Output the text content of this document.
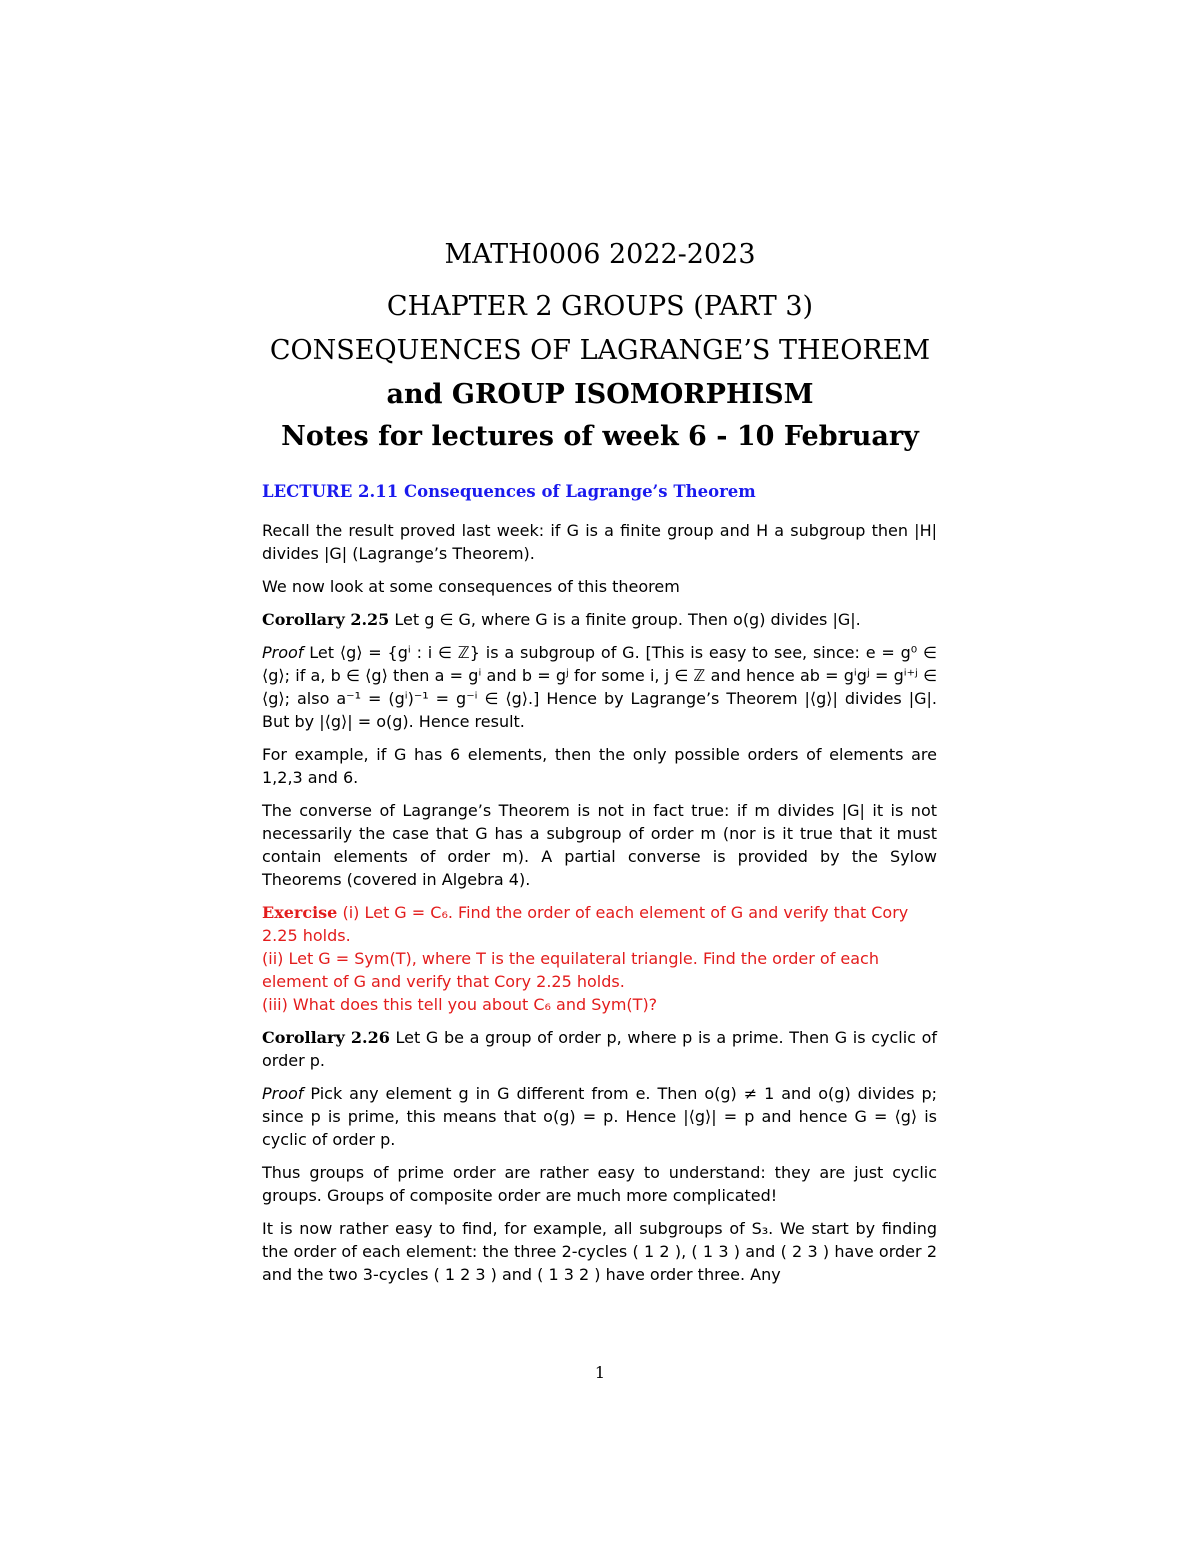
MATH0006 2022-2023
CHAPTER 2 GROUPS (PART 3)
CONSEQUENCES OF LAGRANGE’S THEOREM
and GROUP ISOMORPHISM
Notes for lectures of week 6 - 10 February
LECTURE 2.11 Consequences of Lagrange’s Theorem

Recall the result proved last week: if G is a finite group and H a subgroup then |H| divides |G| (Lagrange’s Theorem).

We now look at some consequences of this theorem

Corollary 2.25 Let g ∈ G, where G is a finite group. Then o(g) divides |G|.

Proof Let ⟨g⟩ = {gⁱ : i ∈ ℤ} is a subgroup of G. [This is easy to see, since: e = g⁰ ∈ ⟨g⟩; if a, b ∈ ⟨g⟩ then a = gⁱ and b = gʲ for some i, j ∈ ℤ and hence ab = gⁱgʲ = gⁱ⁺ʲ ∈ ⟨g⟩; also a⁻¹ = (gⁱ)⁻¹ = g⁻ⁱ ∈ ⟨g⟩.] Hence by Lagrange’s Theorem |⟨g⟩| divides |G|. But by |⟨g⟩| = o(g). Hence result.

For example, if G has 6 elements, then the only possible orders of elements are 1,2,3 and 6.

The converse of Lagrange’s Theorem is not in fact true: if m divides |G| it is not necessarily the case that G has a subgroup of order m (nor is it true that it must contain elements of order m). A partial converse is provided by the Sylow Theorems (covered in Algebra 4).

Exercise (i) Let G = C₆. Find the order of each element of G and verify that Cory 2.25 holds.
(ii) Let G = Sym(T), where T is the equilateral triangle. Find the order of each element of G and verify that Cory 2.25 holds.
(iii) What does this tell you about C₆ and Sym(T)?

Corollary 2.26 Let G be a group of order p, where p is a prime. Then G is cyclic of order p.

Proof Pick any element g in G different from e. Then o(g) ≠ 1 and o(g) divides p; since p is prime, this means that o(g) = p. Hence |⟨g⟩| = p and hence G = ⟨g⟩ is cyclic of order p.

Thus groups of prime order are rather easy to understand: they are just cyclic groups. Groups of composite order are much more complicated!

It is now rather easy to find, for example, all subgroups of S₃. We start by finding the order of each element: the three 2-cycles ( 1 2 ), ( 1 3 ) and ( 2 3 ) have order 2 and the two 3-cycles ( 1 2 3 ) and ( 1 3 2 ) have order three. Any

1
